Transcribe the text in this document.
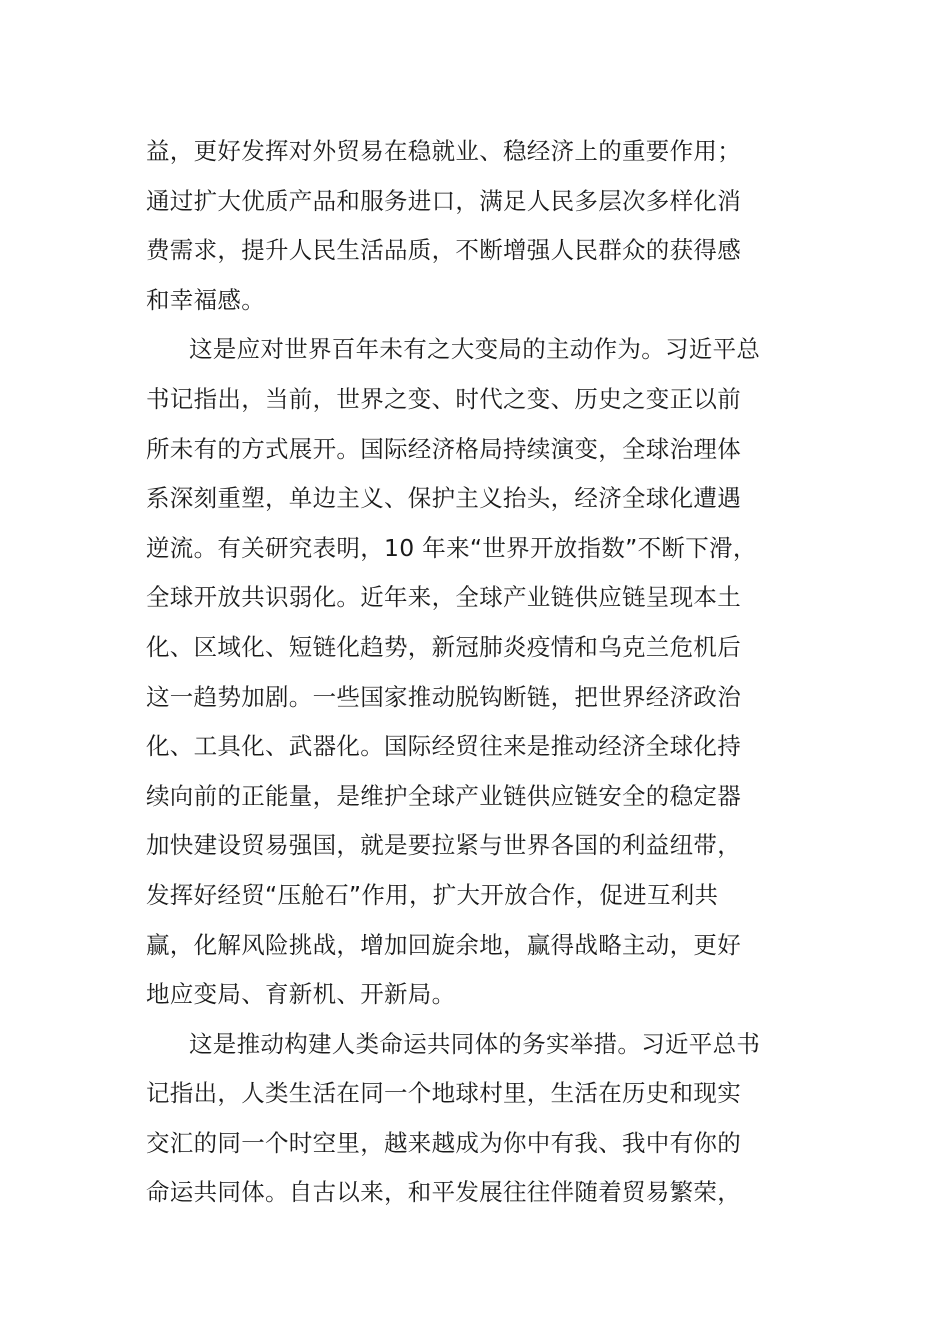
益，更好发挥对外贸易在稳就业、稳经济上的重要作用；
通过扩大优质产品和服务进口，满足人民多层次多样化消
费需求，提升人民生活品质，不断增强人民群众的获得感
和幸福感。
这是应对世界百年未有之大变局的主动作为。习近平总
书记指出，当前，世界之变、时代之变、历史之变正以前
所未有的方式展开。国际经济格局持续演变，全球治理体
系深刻重塑，单边主义、保护主义抬头，经济全球化遭遇
逆流。有关研究表明，10 年来“世界开放指数”不断下滑，
全球开放共识弱化。近年来，全球产业链供应链呈现本土
化、区域化、短链化趋势，新冠肺炎疫情和乌克兰危机后
这一趋势加剧。一些国家推动脱钩断链，把世界经济政治
化、工具化、武器化。国际经贸往来是推动经济全球化持
续向前的正能量，是维护全球产业链供应链安全的稳定器
加快建设贸易强国，就是要拉紧与世界各国的利益纽带，
发挥好经贸“压舱石”作用，扩大开放合作，促进互利共
赢，化解风险挑战，增加回旋余地，赢得战略主动，更好
地应变局、育新机、开新局。
这是推动构建人类命运共同体的务实举措。习近平总书
记指出，人类生活在同一个地球村里，生活在历史和现实
交汇的同一个时空里，越来越成为你中有我、我中有你的
命运共同体。自古以来，和平发展往往伴随着贸易繁荣，
